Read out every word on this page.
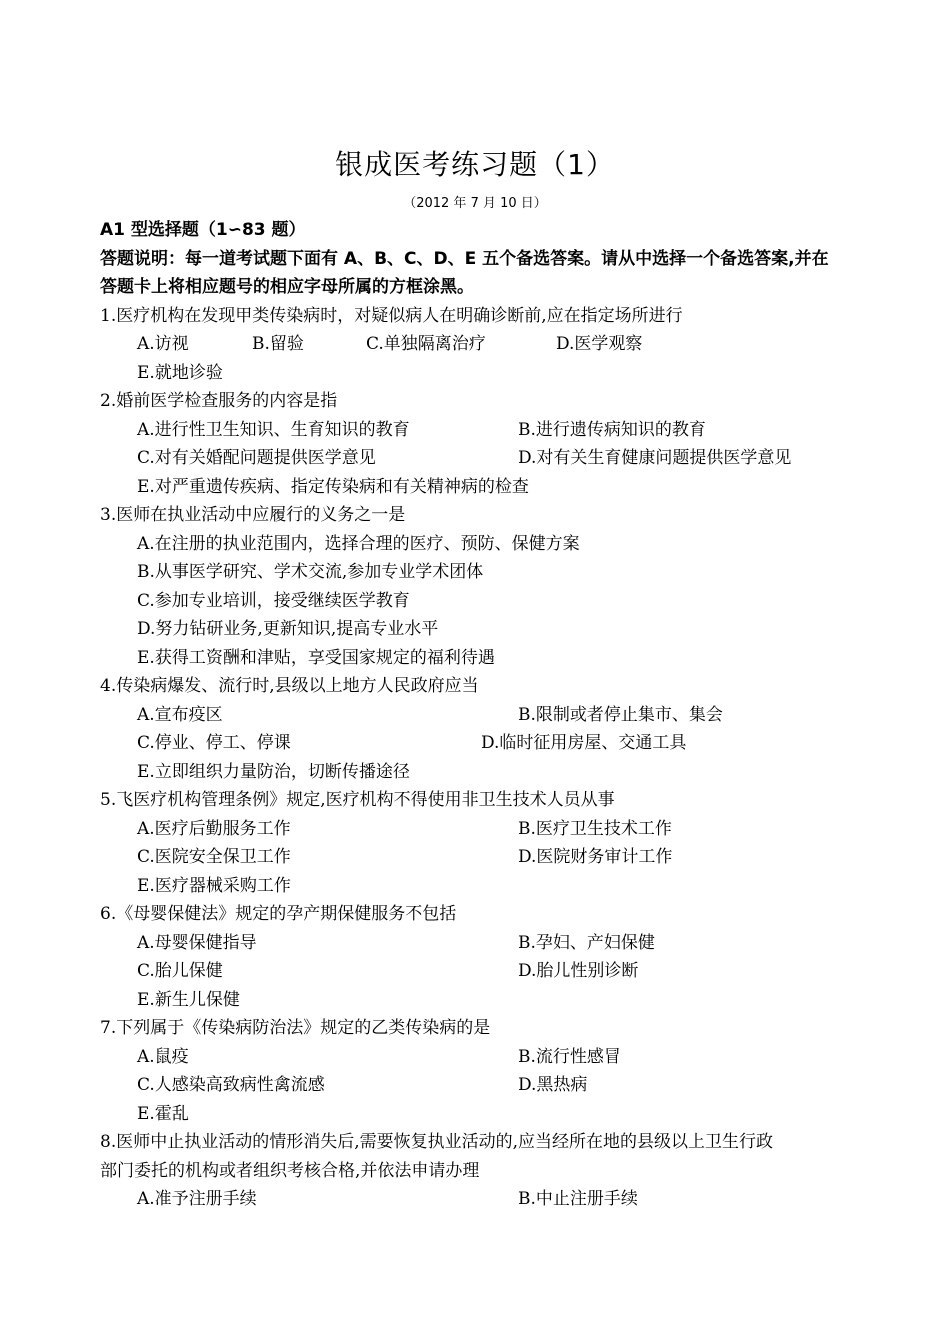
银成医考练习题（1）
（2012 年 7 月 10 日）
A1 型选择题（1∽83 题）
答题说明：每一道考试题下面有 A、B、C、D、E 五个备选答案。请从中选择一个备选答案,并在
答题卡上将相应题号的相应字母所属的方框涂黑。
1.医疗机构在发现甲类传染病时，对疑似病人在明确诊断前,应在指定场所进行
A.访视	B.留验	C.单独隔离治疗	D.医学观察
E.就地诊验
2.婚前医学检查服务的内容是指
A.进行性卫生知识、生育知识的教育	B.进行遗传病知识的教育
C.对有关婚配问题提供医学意见	D.对有关生育健康问题提供医学意见
E.对严重遗传疾病、指定传染病和有关精神病的检查
3.医师在执业活动中应履行的义务之一是
A.在注册的执业范围内，选择合理的医疗、预防、保健方案
B.从事医学研究、学术交流,参加专业学术团体
C.参加专业培训，接受继续医学教育
D.努力钻研业务,更新知识,提高专业水平
E.获得工资酬和津贴，享受国家规定的福利待遇
4.传染病爆发、流行时,县级以上地方人民政府应当
A.宣布疫区	B.限制或者停止集市、集会
C.停业、停工、停课	D.临时征用房屋、交通工具
E.立即组织力量防治，切断传播途径
5.飞医疗机构管理条例》规定,医疗机构不得使用非卫生技术人员从事
A.医疗后勤服务工作	B.医疗卫生技术工作
C.医院安全保卫工作	D.医院财务审计工作
E.医疗器械采购工作
6.《母婴保健法》规定的孕产期保健服务不包括
A.母婴保健指导	B.孕妇、产妇保健
C.胎儿保健	D.胎儿性别诊断
E.新生儿保健
7.下列属于《传染病防治法》规定的乙类传染病的是
A.鼠疫	B.流行性感冒
C.人感染高致病性禽流感	D.黑热病
E.霍乱
8.医师中止执业活动的情形消失后,需要恢复执业活动的,应当经所在地的县级以上卫生行政
部门委托的机构或者组织考核合格,并依法申请办理
A.准予注册手续	B.中止注册手续
